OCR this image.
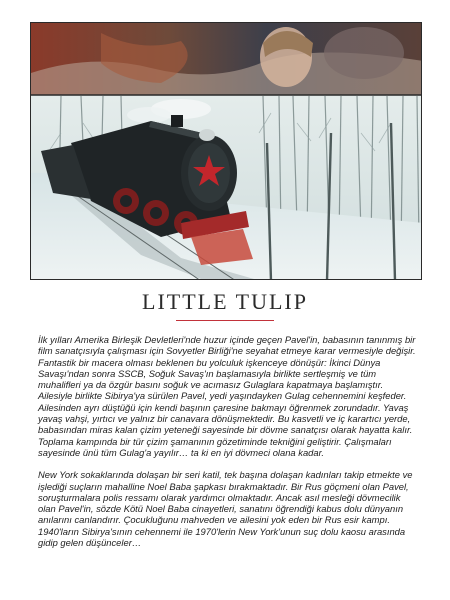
LITTLE TULIP

İlk yılları Amerika Birleşik Devletleri'nde huzur içinde geçen Pavel'in, babasının tanınmış bir film sanatçısıyla çalışması için Sovyetler Birliği'ne seyahat etmeye karar vermesiyle değişir. Fantastik bir macera olması beklenen bu yolculuk işkenceye dönüşür: İkinci Dünya Savaşı'ndan sonra SSCB, Soğuk Savaş'ın başlamasıyla birlikte sertleşmiş ve tüm muhalifleri ya da özgür basını soğuk ve acımasız Gulaglara kapatmaya başlamıştır. Ailesiyle birlikte Sibirya'ya sürülen Pavel, yedi yaşındayken Gulag cehennemini keşfeder. Ailesinden ayrı düştüğü için kendi başının çaresine bakmayı öğrenmek zorundadır. Yavaş yavaş vahşi, yırtıcı ve yalnız bir canavara dönüşmektedir. Bu kasvetli ve iç karartıcı yerde, babasından miras kalan çizim yeteneği sayesinde bir dövme sanatçısı olarak hayatta kalır. Toplama kampında bir tür çizim şamanının gözetiminde tekniğini geliştirir. Çalışmaları sayesinde ünü tüm Gulag'a yayılır… ta ki en iyi dövmeci olana kadar.

New York sokaklarında dolaşan bir seri katil, tek başına dolaşan kadınları takip etmekte ve işlediği suçların mahalline Noel Baba şapkası bırakmaktadır. Bir Rus göçmeni olan Pavel, soruşturmalara polis ressamı olarak yardımcı olmaktadır. Ancak asıl mesleği dövmecilik olan Pavel'in, sözde Kötü Noel Baba cinayetleri, sanatını öğrendiği kabus dolu dünyanın anılarını canlandırır. Çocukluğunu mahveden ve ailesini yok eden bir Rus esir kampı. 1940'ların Sibirya'sının cehennemi ile 1970'lerin New York'unun suç dolu kaosu arasında gidip gelen düşünceler…
